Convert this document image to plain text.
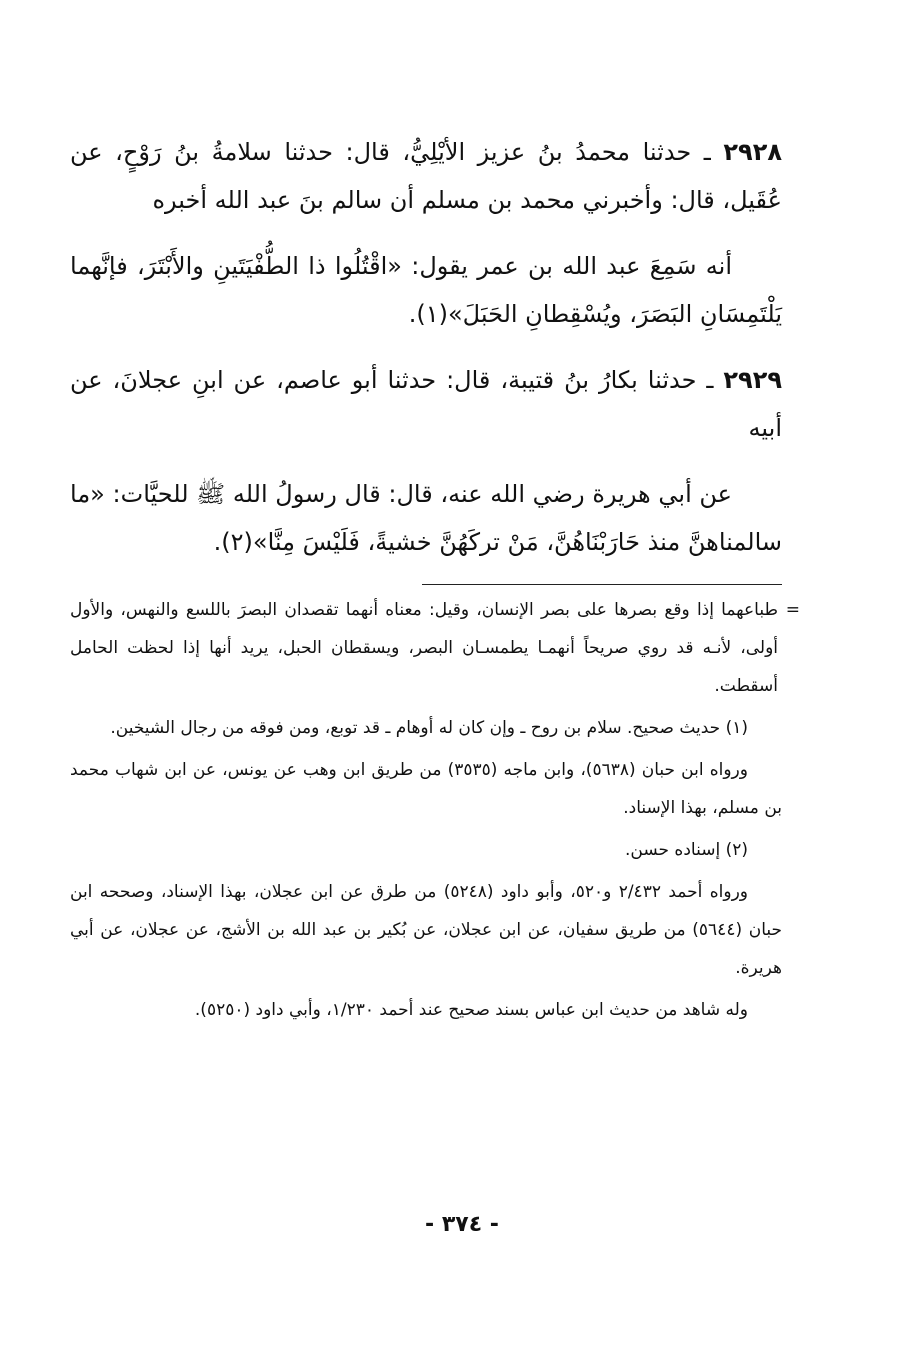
٢٩٢٨ ـ حدثنا محمدُ بنُ عزيز الأيْلِيُّ، قال: حدثنا سلامةُ بنُ رَوْحٍ، عن عُقَيل، قال: وأخبرني محمد بن مسلم أن سالم بنَ عبد الله أخبره

أنه سَمِعَ عبد الله بن عمر يقول: «اقْتُلُوا ذا الطُّفْيَتَينِ والأَبْتَرَ، فإنَّهما يَلْتَمِسَانِ البَصَرَ، ويُسْقِطانِ الحَبَلَ»(١).

٢٩٢٩ ـ حدثنا بكارُ بنُ قتيبة، قال: حدثنا أبو عاصم، عن ابنِ عجلانَ، عن أبيه

عن أبي هريرة رضي الله عنه، قال: قال رسولُ الله ﷺ للحيَّات: «ما سالمناهنَّ منذ حَارَبْنَاهُنَّ، مَنْ تركَهُنَّ خشيةً، فَلَيْسَ مِنَّا»(٢).

=
طباعهما إذا وقع بصرها على بصر الإنسان، وقيل: معناه أنهما تقصدان البصرَ باللسع والنهس، والأول أولى، لأنـه قد روي صريحاً أنهمـا يطمسـان البصر، ويسقطان الحبل، يريد أنها إذا لحظت الحامل أسقطت.

(١) حديث صحيح. سلام بن روح ـ وإن كان له أوهام ـ قد توبع، ومن فوقه من رجال الشيخين.

ورواه ابن حبان (٥٦٣٨)، وابن ماجه (٣٥٣٥) من طريق ابن وهب عن يونس، عن ابن شهاب محمد بن مسلم، بهذا الإسناد.

(٢) إسناده حسن.

ورواه أحمد ٢/٤٣٢ و٥٢٠، وأبو داود (٥٢٤٨) من طرق عن ابن عجلان، بهذا الإسناد، وصححه ابن حبان (٥٦٤٤) من طريق سفيان، عن ابن عجلان، عن بُكير بن عبد الله بن الأشج، عن عجلان، عن أبي هريرة.

وله شاهد من حديث ابن عباس بسند صحيح عند أحمد ١/٢٣٠، وأبي داود (٥٢٥٠).

- ٣٧٤ -
